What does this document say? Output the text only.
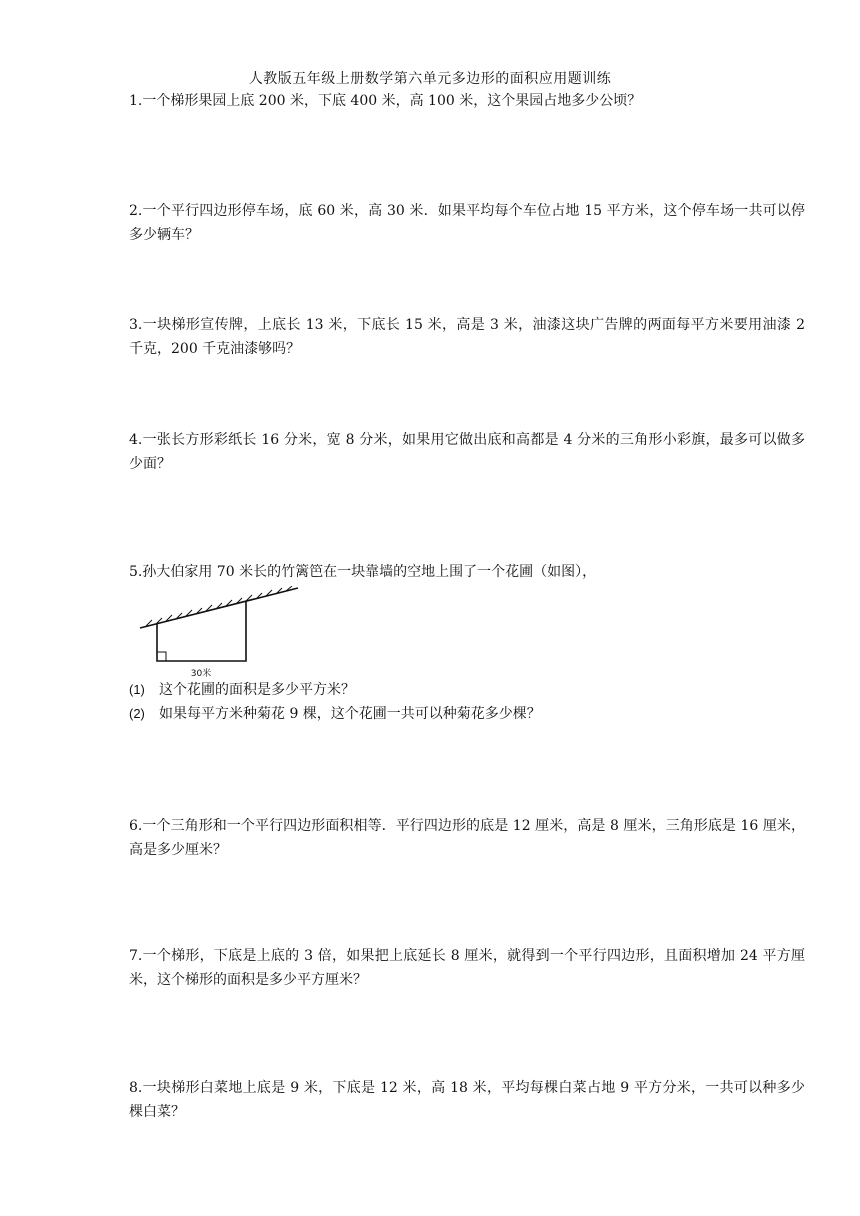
人教版五年级上册数学第六单元多边形的面积应用题训练
1.一个梯形果园上底 200 米，下底 400 米，高 100 米，这个果园占地多少公顷？
2.一个平行四边形停车场，底 60 米，高 30 米．如果平均每个车位占地 15 平方米，这个停车场一共可以停多少辆车？
3.一块梯形宣传牌，上底长 13 米，下底长 15 米，高是 3 米，油漆这块广告牌的两面每平方米要用油漆 2 千克，200 千克油漆够吗？
4.一张长方形彩纸长 16 分米，宽 8 分米，如果用它做出底和高都是 4 分米的三角形小彩旗，最多可以做多少面？
5.孙大伯家用 70 米长的竹篱笆在一块靠墙的空地上围了一个花圃（如图），
30米
(1) 这个花圃的面积是多少平方米？
(2) 如果每平方米种菊花 9 棵，这个花圃一共可以种菊花多少棵？
6.一个三角形和一个平行四边形面积相等．平行四边形的底是 12 厘米，高是 8 厘米，三角形底是 16 厘米，高是多少厘米？
7.一个梯形，下底是上底的 3 倍，如果把上底延长 8 厘米，就得到一个平行四边形，且面积增加 24 平方厘米，这个梯形的面积是多少平方厘米？
8.一块梯形白菜地上底是 9 米，下底是 12 米，高 18 米，平均每棵白菜占地 9 平方分米，一共可以种多少棵白菜？
